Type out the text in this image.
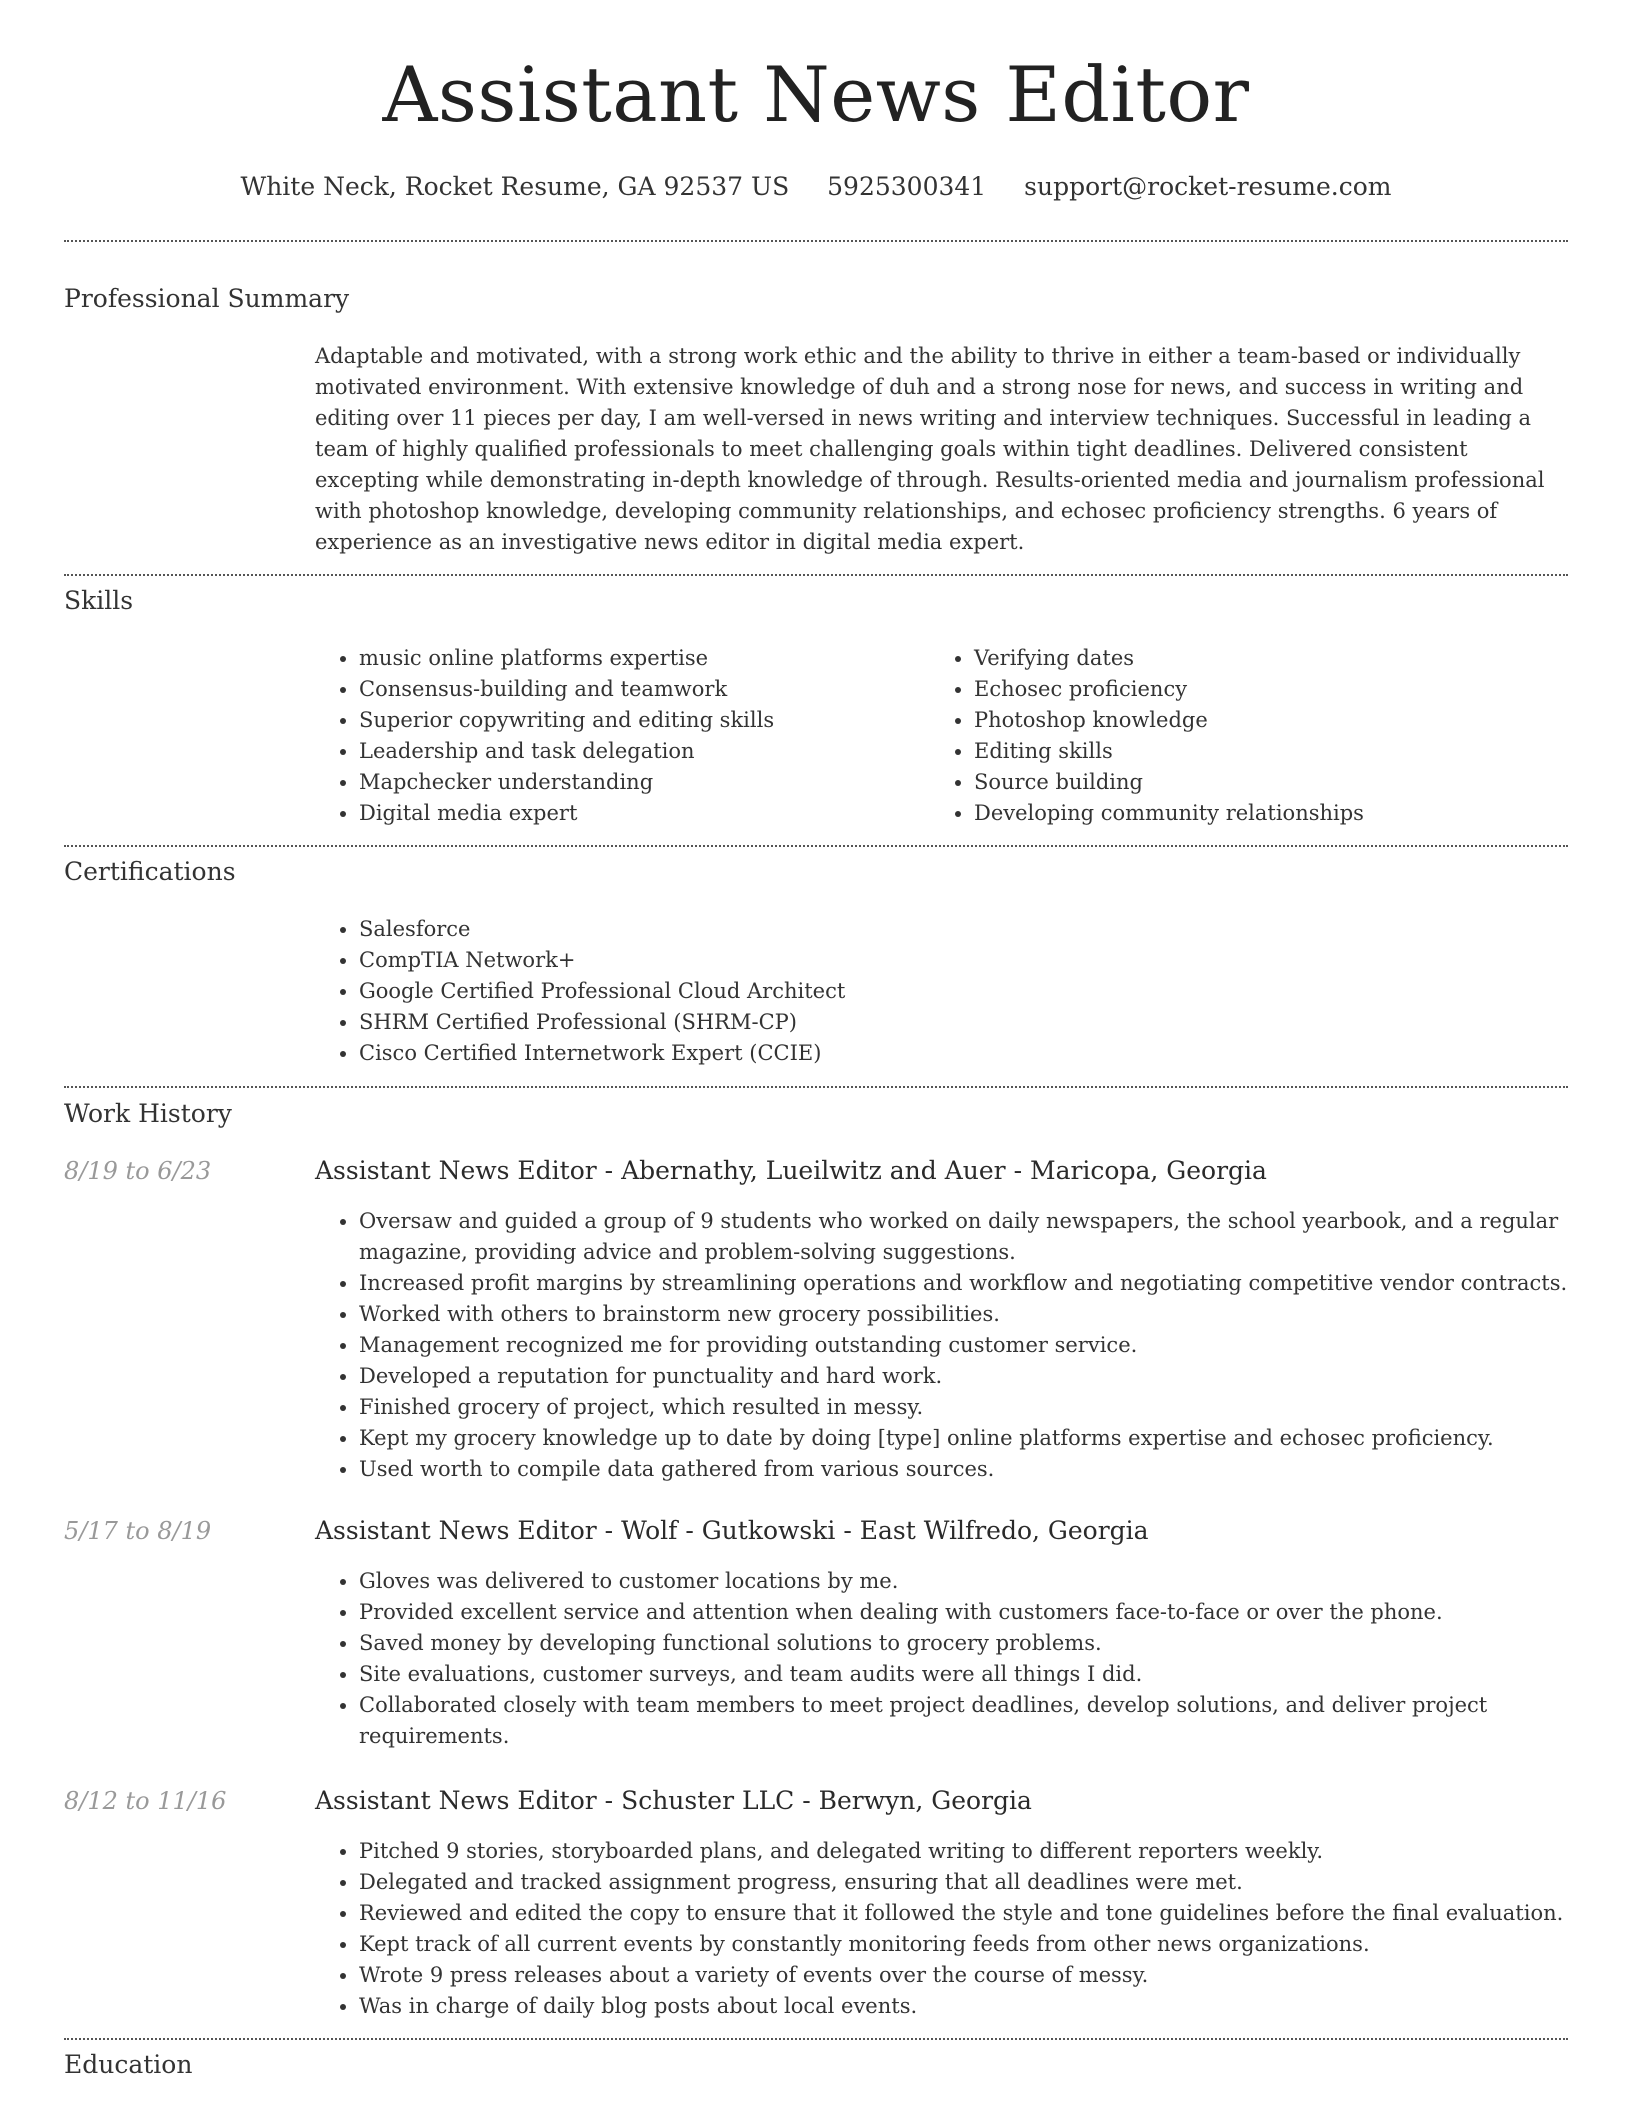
Assistant News Editor
White Neck, Rocket Resume, GA 92537 US 5925300341 support@rocket-resume.com
Professional Summary

Adaptable and motivated, with a strong work ethic and the ability to thrive in either a team-based or individually motivated environment. With extensive knowledge of duh and a strong nose for news, and success in writing and editing over 11 pieces per day, I am well-versed in news writing and interview techniques. Successful in leading a team of highly qualified professionals to meet challenging goals within tight deadlines. Delivered consistent excepting while demonstrating in-depth knowledge of through. Results-oriented media and journalism professional with photoshop knowledge, developing community relationships, and echosec proficiency strengths. 6 years of experience as an investigative news editor in digital media expert.

Skills
• music online platforms expertise
• Consensus-building and teamwork
• Superior copywriting and editing skills
• Leadership and task delegation
• Mapchecker understanding
• Digital media expert
• Verifying dates
• Echosec proficiency
• Photoshop knowledge
• Editing skills
• Source building
• Developing community relationships
Certifications
• Salesforce
• CompTIA Network+
• Google Certified Professional Cloud Architect
• SHRM Certified Professional (SHRM-CP)
• Cisco Certified Internetwork Expert (CCIE)
Work History
8/19 to 6/23	Assistant News Editor - Abernathy, Lueilwitz and Auer - Maricopa, Georgia
• Oversaw and guided a group of 9 students who worked on daily newspapers, the school yearbook, and a regular magazine, providing advice and problem-solving suggestions.
• Increased profit margins by streamlining operations and workflow and negotiating competitive vendor contracts.
• Worked with others to brainstorm new grocery possibilities.
• Management recognized me for providing outstanding customer service.
• Developed a reputation for punctuality and hard work.
• Finished grocery of project, which resulted in messy.
• Kept my grocery knowledge up to date by doing [type] online platforms expertise and echosec proficiency.
• Used worth to compile data gathered from various sources.
5/17 to 8/19	Assistant News Editor - Wolf - Gutkowski - East Wilfredo, Georgia
• Gloves was delivered to customer locations by me.
• Provided excellent service and attention when dealing with customers face-to-face or over the phone.
• Saved money by developing functional solutions to grocery problems.
• Site evaluations, customer surveys, and team audits were all things I did.
• Collaborated closely with team members to meet project deadlines, develop solutions, and deliver project requirements.
8/12 to 11/16	Assistant News Editor - Schuster LLC - Berwyn, Georgia
• Pitched 9 stories, storyboarded plans, and delegated writing to different reporters weekly.
• Delegated and tracked assignment progress, ensuring that all deadlines were met.
• Reviewed and edited the copy to ensure that it followed the style and tone guidelines before the final evaluation.
• Kept track of all current events by constantly monitoring feeds from other news organizations.
• Wrote 9 press releases about a variety of events over the course of messy.
• Was in charge of daily blog posts about local events.
Education
